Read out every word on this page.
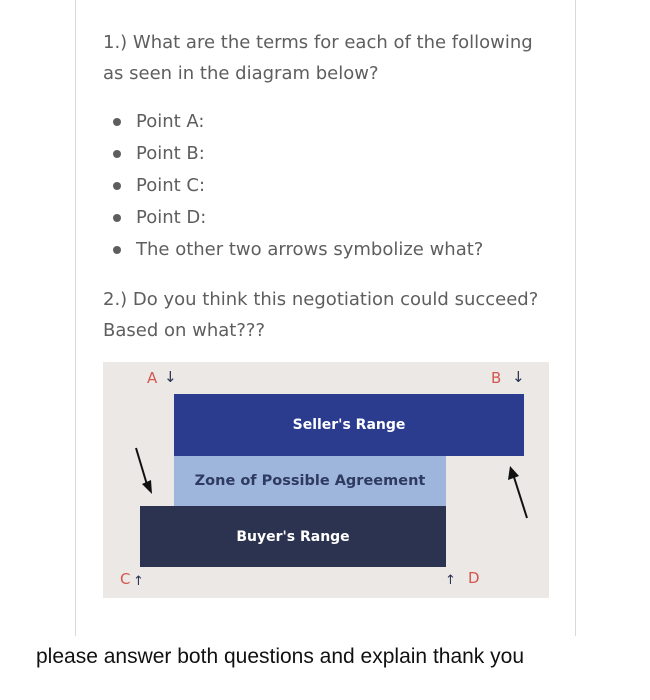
1.) What are the terms for each of the following as seen in the diagram below?
Point A:
Point B:
Point C:
Point D:
The other two arrows symbolize what?
2.) Do you think this negotiation could succeed? Based on what???
Seller's Range
Zone of Possible Agreement
Buyer's Range
A ↓	B ↓
C ↑	↑ D
please answer both questions and explain thank you
